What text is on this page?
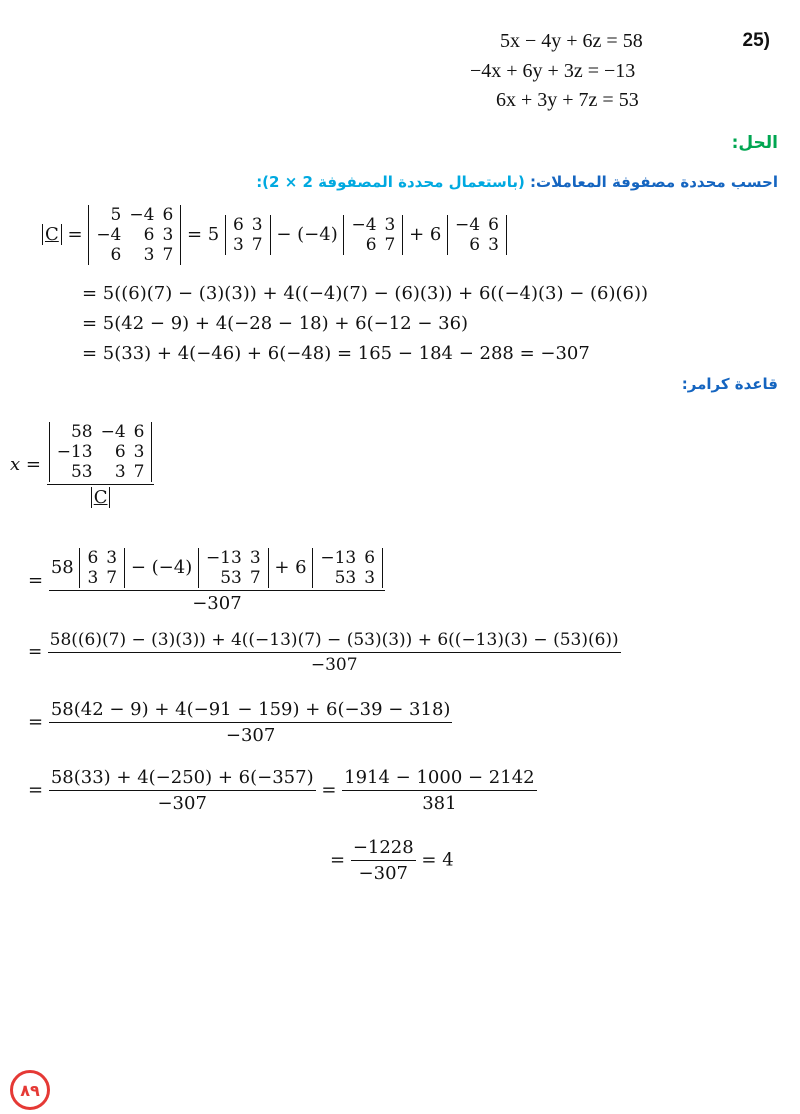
25)
5x − 4y + 6z = 58
−4x + 6y + 3z = −13
6x + 3y + 7z = 53
الحل:
احسب محددة مصفوفة المعاملات: (باستعمال محددة المصفوفة 2 × 2):
C =
5	−4	6
−4	6	3
6	3	7
= 5 6	3
3	7 − (−4) −4	3
6	7 + 6 −4	6
6	3
= 5((6)(7) − (3)(3)) + 4((−4)(7) − (6)(3)) + 6((−4)(3) − (6)(6))
= 5(42 − 9) + 4(−28 − 18) + 6(−12 − 36)
= 5(33) + 4(−46) + 6(−48) = 165 − 184 − 288 = −307
قاعدة كرامر:
x = 58	−4	6
−13	6	3
53	3	7
C
=
58 6	3
3	7 − (−4) −13	3
53	7 + 6 −13	6
53	3
−307
=
58((6)(7) − (3)(3)) + 4((−13)(7) − (53)(3)) + 6((−13)(3) − (53)(6))
−307
= $\frac{58(42 - 9) + 4(-91 - 159) + 6(-39 - 318)}{-307}$
= $\frac{58(33) + 4(-250) + 6(-357)}{-307} = \frac{1914 - 1000 - 2142}{381}$
= $\frac{-1228}{-307} = 4$
٨٩
